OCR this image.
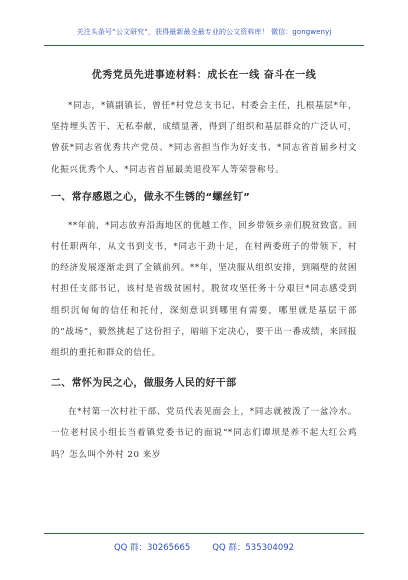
关注头条号“公文研究”，获得最新最全最专业的公文资料库！ 微信：gongwenyj
优秀党员先进事迹材料：成长在一线 奋斗在一线

*同志，*镇副镇长，曾任*村党总支书记、村委会主任，扎根基层*年，坚持埋头苦干、无私奉献，成绩显著，得到了组织和基层群众的广泛认可，曾获*同志省优秀共产党员、*同志省担当作为好支书、*同志省首届乡村文化振兴优秀个人、*同志省首届最美退役军人等荣誉称号。

一、常存感恩之心，做永不生锈的“螺丝钉”

**年前，*同志放弃沿海地区的优越工作，回乡带领乡亲们脱贫致富。回村任职两年，从文书到支书，*同志干劲十足，在村两委班子的带领下，村的经济发展逐渐走到了全镇前列。**年，坚决服从组织安排，到隔壁的贫困村担任支部书记，该村是省级贫困村，脱贫攻坚任务十分艰巨*同志感受到组织沉甸甸的信任和托付，深刻意识到哪里有需要，哪里就是基层干部的“战场”，毅然挑起了这份担子，暗暗下定决心，要干出一番成绩，来回报组织的重托和群众的信任。

二、常怀为民之心，做服务人民的好干部

在*村第一次村社干部、党员代表见面会上，*同志就被泼了一盆冷水。一位老村民小组长当着镇党委书记的面说“*同志们谭坝是养不起大红公鸡吗？怎么叫个外村 20 来岁

QQ 群：30265665	QQ 群：535304092
